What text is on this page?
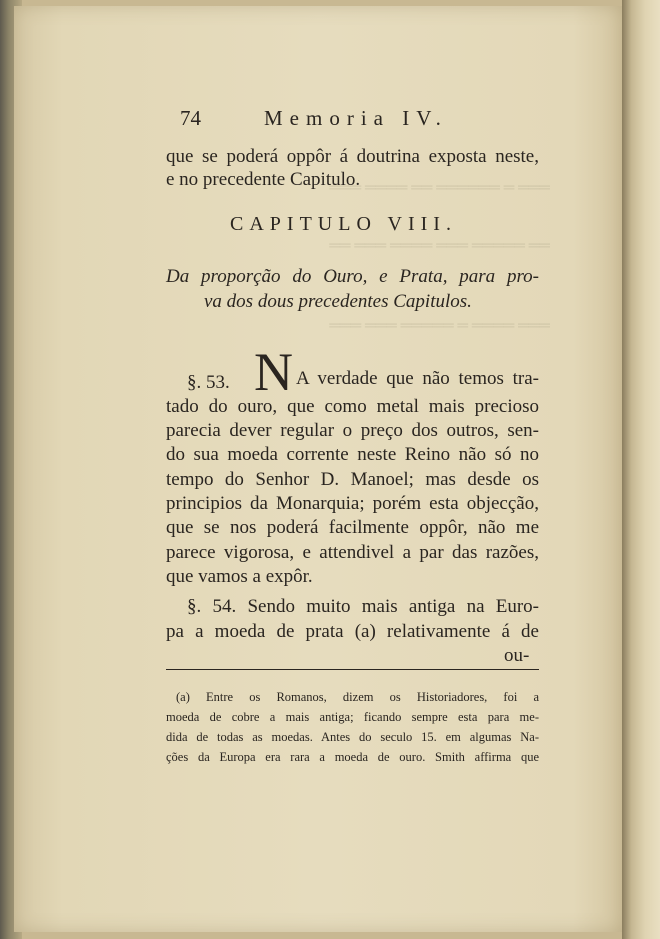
═══ ═ ══════ ══ ════ ═══
══ ═════ ═══ ════ ═══ ══
═══ ════ ═ ═════ ═══ ═══
74	Memoria IV.
que se poderá oppôr á doutrina exposta neste,
e no precedente Capitulo.
CAPITULO VIII.
Da proporção do Ouro, e Prata, para pro-
va dos dous precedentes Capitulos.
§. 53. N A verdade que não temos tra-
tado do ouro, que como metal mais precioso
parecia dever regular o preço dos outros, sen-
do sua moeda corrente neste Reino não só no
tempo do Senhor D. Manoel; mas desde os
principios da Monarquia; porém esta objecção,
que se nos poderá facilmente oppôr, não me
parece vigorosa, e attendivel a par das razões,
que vamos a expôr.
§. 54. Sendo muito mais antiga na Euro-
pa a moeda de prata (a) relativamente á de
ou-
(a) Entre os Romanos, dizem os Historiadores, foi a
moeda de cobre a mais antiga; ficando sempre esta para me-
dida de todas as moedas. Antes do seculo 15. em algumas Na-
ções da Europa era rara a moeda de ouro. Smith affirma que
